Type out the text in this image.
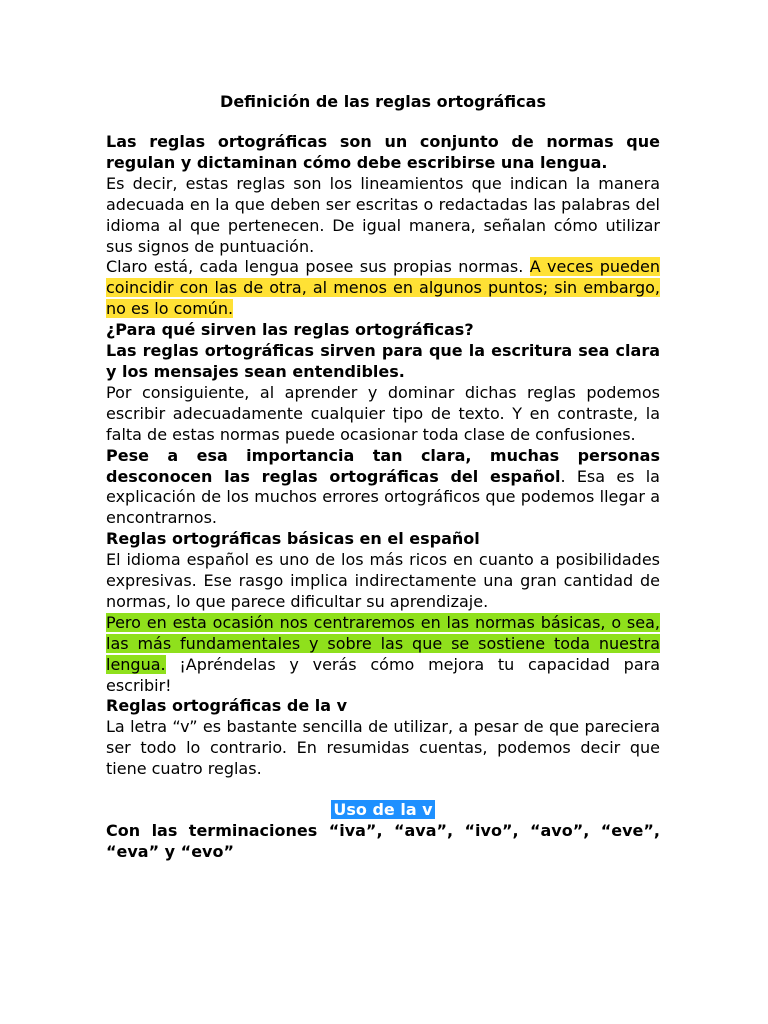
Definición de las reglas ortográficas

Las reglas ortográficas son un conjunto de normas que regulan y dictaminan cómo debe escribirse una lengua.

Es decir, estas reglas son los lineamientos que indican la manera adecuada en la que deben ser escritas o redactadas las palabras del idioma al que pertenecen. De igual manera, señalan cómo utilizar sus signos de puntuación.

Claro está, cada lengua posee sus propias normas. A veces pueden coincidir con las de otra, al menos en algunos puntos; sin embargo, no es lo común.

¿Para qué sirven las reglas ortográficas?

Las reglas ortográficas sirven para que la escritura sea clara y los mensajes sean entendibles.

Por consiguiente, al aprender y dominar dichas reglas podemos escribir adecuadamente cualquier tipo de texto. Y en contraste, la falta de estas normas puede ocasionar toda clase de confusiones.

Pese a esa importancia tan clara, muchas personas desconocen las reglas ortográficas del español. Esa es la explicación de los muchos errores ortográficos que podemos llegar a encontrarnos.

Reglas ortográficas básicas en el español

El idioma español es uno de los más ricos en cuanto a posibilidades expresivas. Ese rasgo implica indirectamente una gran cantidad de normas, lo que parece dificultar su aprendizaje.

Pero en esta ocasión nos centraremos en las normas básicas, o sea, las más fundamentales y sobre las que se sostiene toda nuestra lengua. ¡Apréndelas y verás cómo mejora tu capacidad para escribir!

Reglas ortográficas de la v

La letra “v” es bastante sencilla de utilizar, a pesar de que pareciera ser todo lo contrario. En resumidas cuentas, podemos decir que tiene cuatro reglas.

Uso de la v

Con las terminaciones “iva”, “ava”, “ivo”, “avo”, “eve”, “eva” y “evo”
